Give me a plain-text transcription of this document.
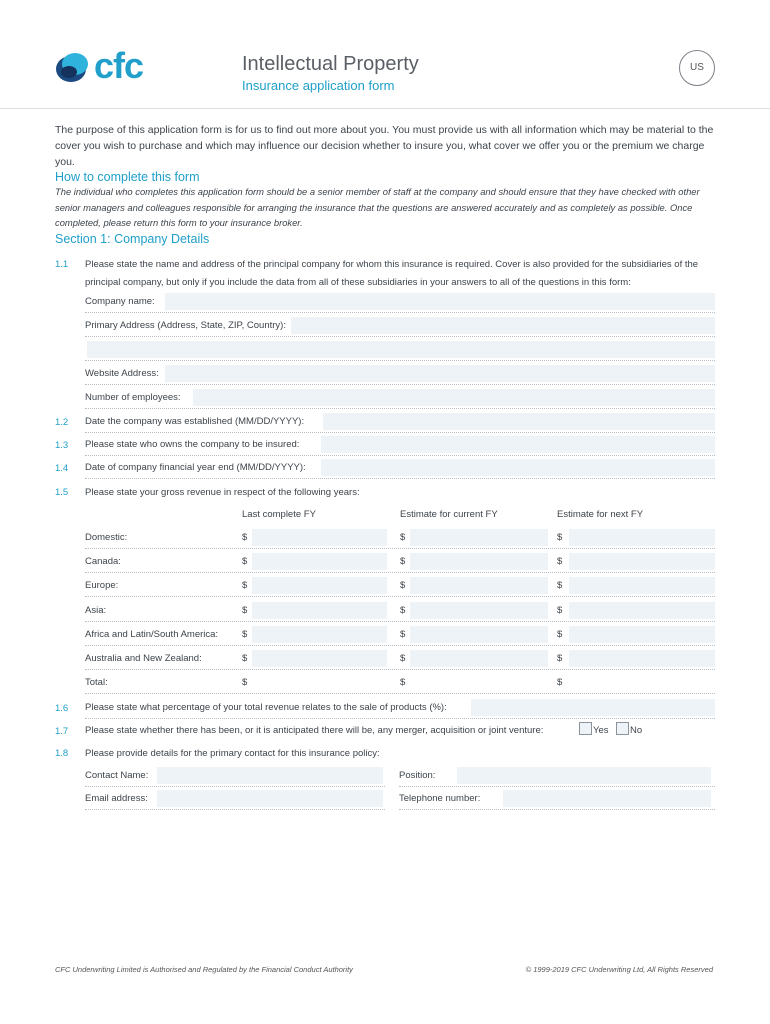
cfc	Intellectual Property
Insurance application form
US
The purpose of this application form is for us to find out more about you. You must provide us with all information which may be material to the cover you wish to purchase and which may influence our decision whether to insure you, what cover we offer you or the premium we charge you.
How to complete this form
The individual who completes this application form should be a senior member of staff at the company and should ensure that they have checked with other senior managers and colleagues responsible for arranging the insurance that the questions are answered accurately and as completely as possible. Once completed, please return this form to your insurance broker.
Section 1: Company Details
1.1 Please state the name and address of the principal company for whom this insurance is required. Cover is also provided for the subsidiaries of the principal company, but only if you include the data from all of these subsidiaries in your answers to all of the questions in this form:
Company name:
Primary Address (Address, State, ZIP, Country):
Website Address:
Number of employees:
1.2 Date the company was established (MM/DD/YYYY):
1.3 Please state who owns the company to be insured:
1.4 Date of company financial year end (MM/DD/YYYY):
1.5 Please state your gross revenue in respect of the following years:
Last complete FY	Estimate for current FY	Estimate for next FY
Domestic:	$	$	$
Canada:	$	$	$
Europe:	$	$	$
Asia:	$	$	$
Africa and Latin/South America:	$	$	$
Australia and New Zealand:	$	$	$
Total:	$	$	$
1.6 Please state what percentage of your total revenue relates to the sale of products (%):
1.7 Please state whether there has been, or it is anticipated there will be, any merger, acquisition or joint venture:	Yes No
1.8 Please provide details for the primary contact for this insurance policy:
Contact Name:	Position:
Email address:	Telephone number:
CFC Underwriting Limited is Authorised and Regulated by the Financial Conduct Authority	© 1999-2019 CFC Underwriting Ltd, All Rights Reserved
